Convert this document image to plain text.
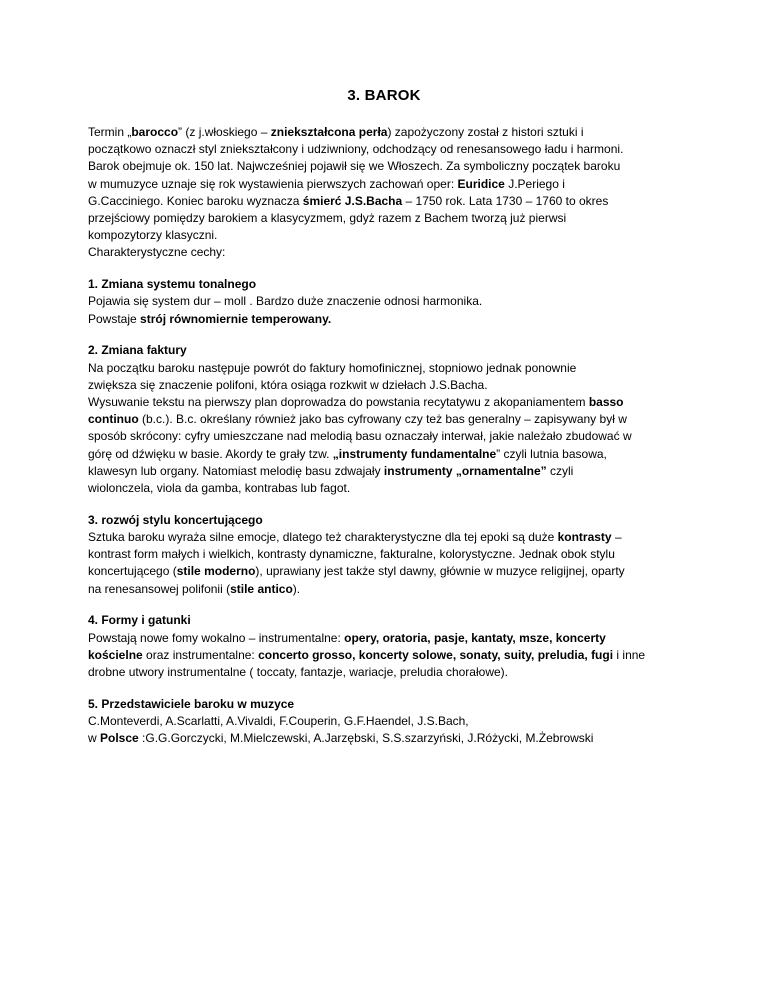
3. BAROK

Termin „barocco” (z j.włoskiego – zniekształcona perła) zapożyczony został z histori sztuki i
początkowo oznaczł styl zniekształcony i udziwniony, odchodzący od renesansowego ładu i harmoni.
Barok obejmuje ok. 150 lat. Najwcześniej pojawił się we Włoszech. Za symboliczny początek baroku
w mumuzyce uznaje się rok wystawienia pierwszych zachowań oper: Euridice J.Periego i
G.Cacciniego. Koniec baroku wyznacza śmierć J.S.Bacha – 1750 rok. Lata 1730 – 1760 to okres
przejściowy pomiędzy barokiem a klasycyzmem, gdyż razem z Bachem tworzą już pierwsi
kompozytorzy klasyczni.
Charakterystyczne cechy:

1. Zmiana systemu tonalnego
Pojawia się system dur – moll . Bardzo duże znaczenie odnosi harmonika.
Powstaje strój równomiernie temperowany.

2. Zmiana faktury
Na początku baroku następuje powrót do faktury homofinicznej, stopniowo jednak ponownie
zwiększa się znaczenie polifoni, która osiąga rozkwit w dziełach J.S.Bacha.
Wysuwanie tekstu na pierwszy plan doprowadza do powstania recytatywu z akopaniamentem basso
continuo (b.c.). B.c. określany również jako bas cyfrowany czy też bas generalny – zapisywany był w
sposób skrócony: cyfry umieszczane nad melodią basu oznaczały interwał, jakie należało zbudować w
górę od dźwięku w basie. Akordy te grały tzw. „instrumenty fundamentalne” czyli lutnia basowa,
klawesyn lub organy. Natomiast melodię basu zdwajały instrumenty „ornamentalne” czyli
wiolonczela, viola da gamba, kontrabas lub fagot.

3. rozwój stylu koncertującego
Sztuka baroku wyraża silne emocje, dlatego też charakterystyczne dla tej epoki są duże kontrasty –
kontrast form małych i wielkich, kontrasty dynamiczne, fakturalne, kolorystyczne. Jednak obok stylu
koncertującego (stile moderno), uprawiany jest także styl dawny, głównie w muzyce religijnej, oparty
na renesansowej polifonii (stile antico).

4. Formy i gatunki
Powstają nowe fomy wokalno – instrumentalne: opery, oratoria, pasje, kantaty, msze, koncerty
kościelne oraz instrumentalne: concerto grosso, koncerty solowe, sonaty, suity, preludia, fugi i inne
drobne utwory instrumentalne ( toccaty, fantazje, wariacje, preludia chorałowe).

5. Przedstawiciele baroku w muzyce
C.Monteverdi, A.Scarlatti, A.Vivaldi, F.Couperin, G.F.Haendel, J.S.Bach,
w Polsce :G.G.Gorczycki, M.Mielczewski, A.Jarzębski, S.S.szarzyński, J.Różycki, M.Żebrowski
